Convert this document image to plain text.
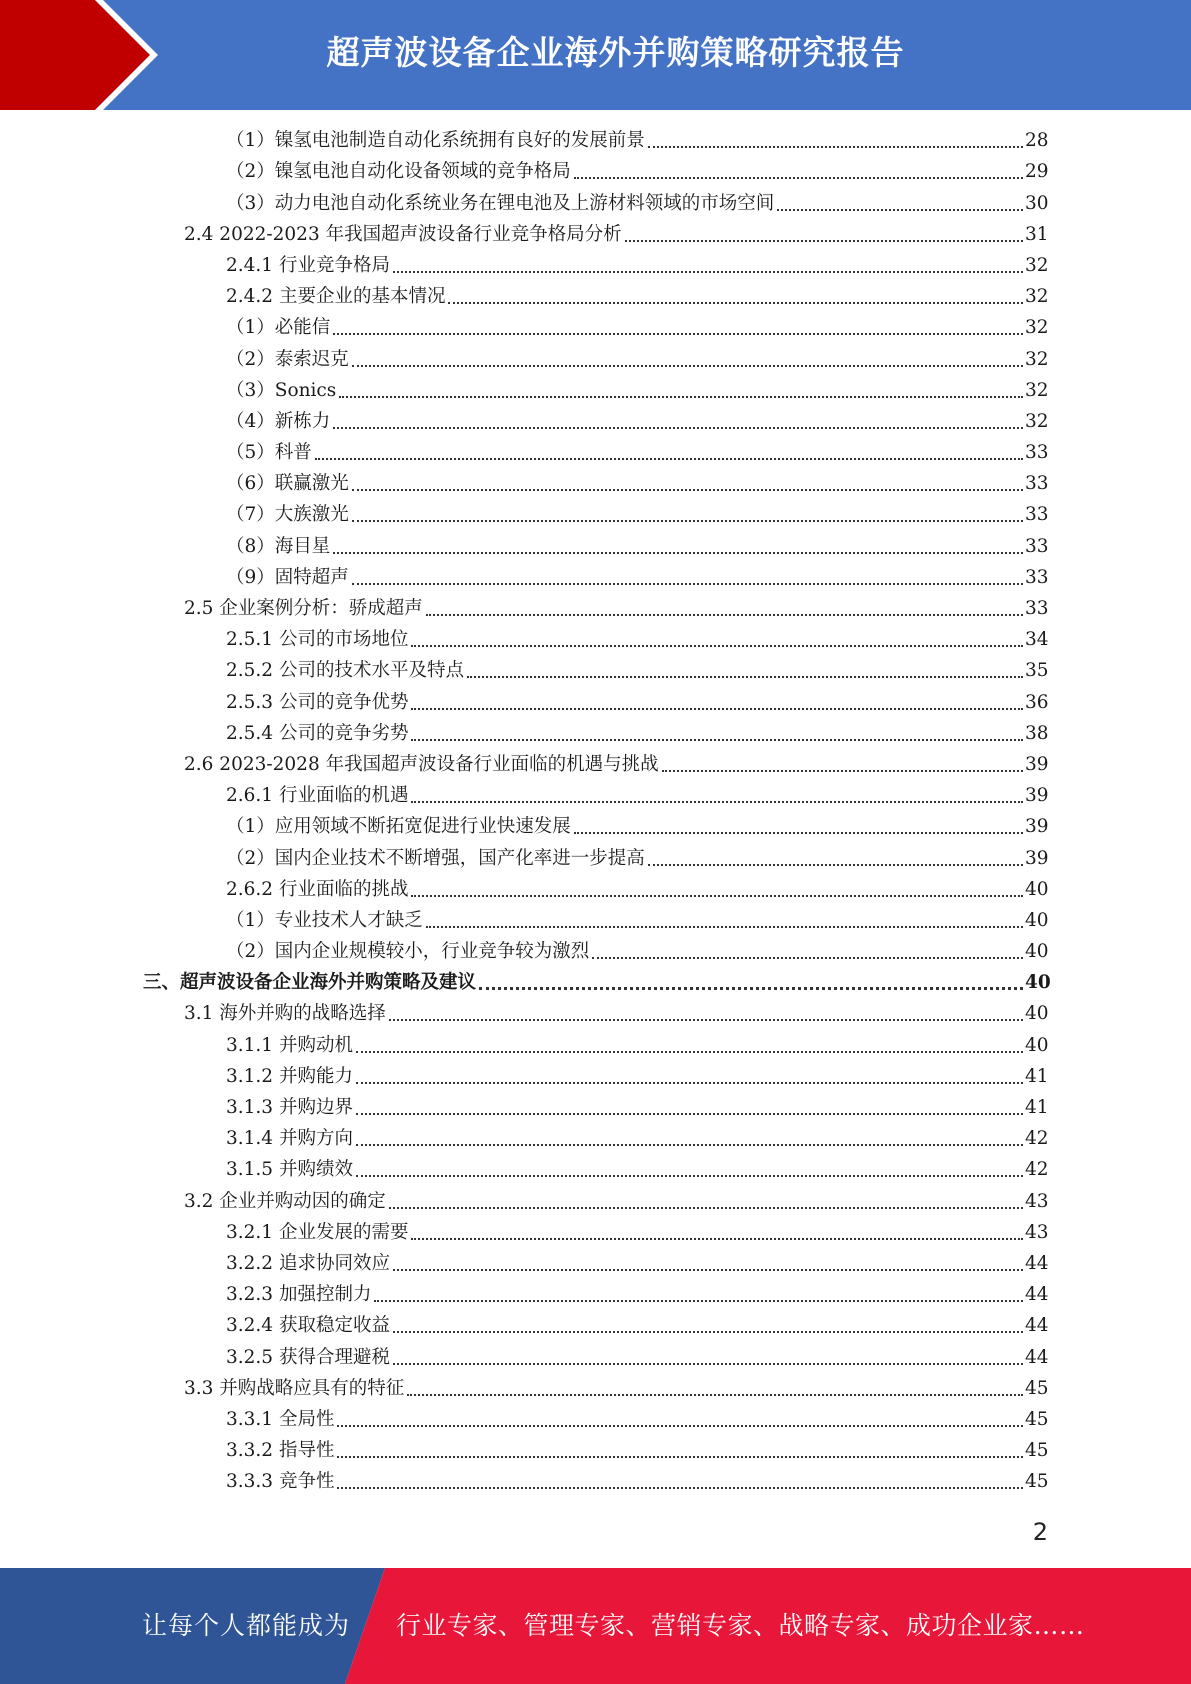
超声波设备企业海外并购策略研究报告
（1）镍氢电池制造自动化系统拥有良好的发展前景	28
（2）镍氢电池自动化设备领域的竞争格局	29
（3）动力电池自动化系统业务在锂电池及上游材料领域的市场空间	30
2.4 2022-2023 年我国超声波设备行业竞争格局分析	31
2.4.1 行业竞争格局	32
2.4.2 主要企业的基本情况	32
（1）必能信	32
（2）泰索迟克	32
（3）Sonics	32
（4）新栋力	32
（5）科普	33
（6）联赢激光	33
（7）大族激光	33
（8）海目星	33
（9）固特超声	33
2.5 企业案例分析：骄成超声	33
2.5.1 公司的市场地位	34
2.5.2 公司的技术水平及特点	35
2.5.3 公司的竞争优势	36
2.5.4 公司的竞争劣势	38
2.6 2023-2028 年我国超声波设备行业面临的机遇与挑战	39
2.6.1 行业面临的机遇	39
（1）应用领域不断拓宽促进行业快速发展	39
（2）国内企业技术不断增强，国产化率进一步提高	39
2.6.2 行业面临的挑战	40
（1）专业技术人才缺乏	40
（2）国内企业规模较小，行业竞争较为激烈	40
三、超声波设备企业海外并购策略及建议	40
3.1 海外并购的战略选择	40
3.1.1 并购动机	40
3.1.2 并购能力	41
3.1.3 并购边界	41
3.1.4 并购方向	42
3.1.5 并购绩效	42
3.2 企业并购动因的确定	43
3.2.1 企业发展的需要	43
3.2.2 追求协同效应	44
3.2.3 加强控制力	44
3.2.4 获取稳定收益	44
3.2.5 获得合理避税	44
3.3 并购战略应具有的特征	45
3.3.1 全局性	45
3.3.2 指导性	45
3.3.3 竞争性	45
2
让每个人都能成为 行业专家、管理专家、营销专家、战略专家、成功企业家……
